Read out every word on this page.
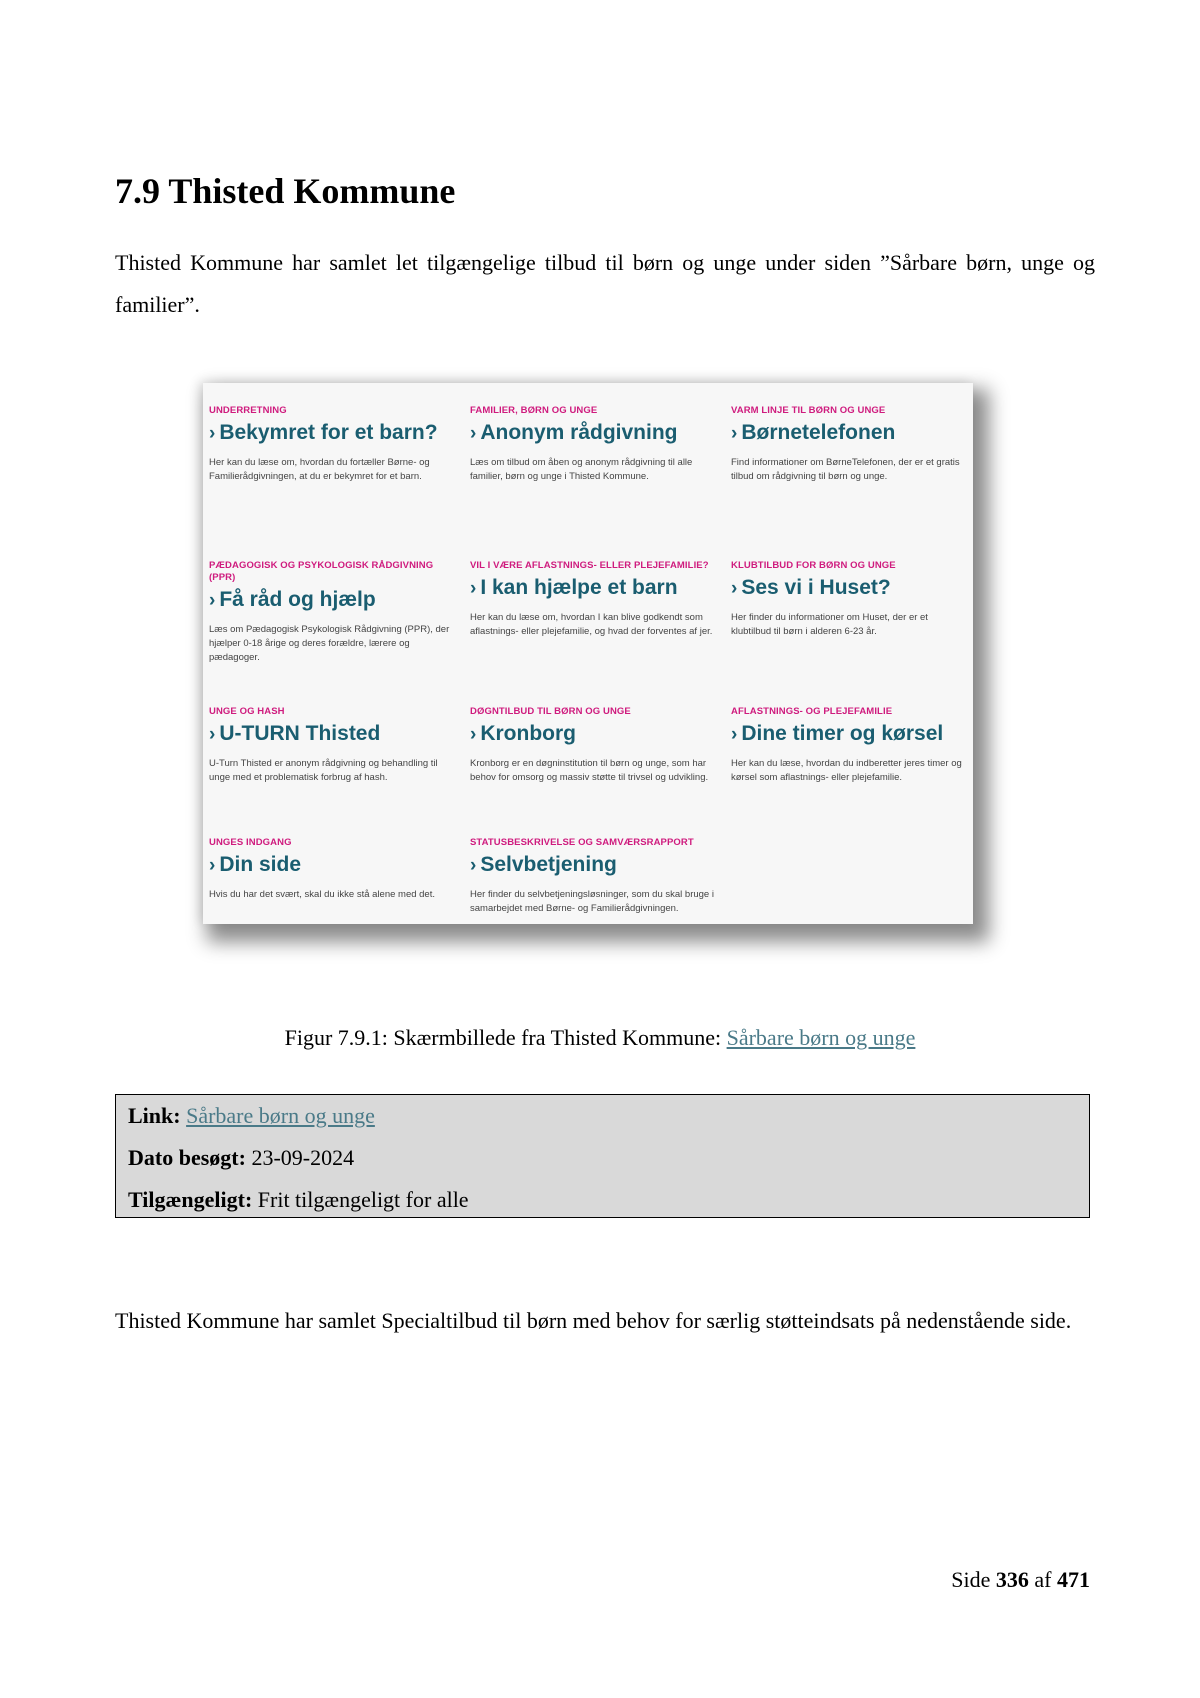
7.9 Thisted Kommune

Thisted Kommune har samlet let tilgængelige tilbud til børn og unge under siden ”Sårbare børn, unge og familier”.

UNDERRETNING
› Bekymret for et barn?
Her kan du læse om, hvordan du fortæller Børne- og Familierådgivningen, at du er bekymret for et barn.
FAMILIER, BØRN OG UNGE
› Anonym rådgivning
Læs om tilbud om åben og anonym rådgivning til alle familier, børn og unge i Thisted Kommune.
VARM LINJE TIL BØRN OG UNGE
› Børnetelefonen
Find informationer om BørneTelefonen, der er et gratis tilbud om rådgivning til børn og unge.
PÆDAGOGISK OG PSYKOLOGISK RÅDGIVNING (PPR)
› Få råd og hjælp
Læs om Pædagogisk Psykologisk Rådgivning (PPR), der hjælper 0-18 årige og deres forældre, lærere og pædagoger.
VIL I VÆRE AFLASTNINGS- ELLER PLEJEFAMILIE?
› I kan hjælpe et barn
Her kan du læse om, hvordan I kan blive godkendt som aflastnings- eller plejefamilie, og hvad der forventes af jer.
KLUBTILBUD FOR BØRN OG UNGE
› Ses vi i Huset?
Her finder du informationer om Huset, der er et klubtilbud til børn i alderen 6-23 år.
UNGE OG HASH
› U-TURN Thisted
U-Turn Thisted er anonym rådgivning og behandling til unge med et problematisk forbrug af hash.
DØGNTILBUD TIL BØRN OG UNGE
› Kronborg
Kronborg er en døgninstitution til børn og unge, som har behov for omsorg og massiv støtte til trivsel og udvikling.
AFLASTNINGS- OG PLEJEFAMILIE
› Dine timer og kørsel
Her kan du læse, hvordan du indberetter jeres timer og kørsel som aflastnings- eller plejefamilie.
UNGES INDGANG
› Din side
Hvis du har det svært, skal du ikke stå alene med det.
STATUSBESKRIVELSE OG SAMVÆRSRAPPORT
› Selvbetjening
Her finder du selvbetjeningsløsninger, som du skal bruge i samarbejdet med Børne- og Familierådgivningen.
Figur 7.9.1: Skærmbillede fra Thisted Kommune: Sårbare børn og unge
Link: Sårbare børn og unge
Dato besøgt: 23-09-2024
Tilgængeligt: Frit tilgængeligt for alle

Thisted Kommune har samlet Specialtilbud til børn med behov for særlig støtteindsats på nedenstående side.

Side 336 af 471
